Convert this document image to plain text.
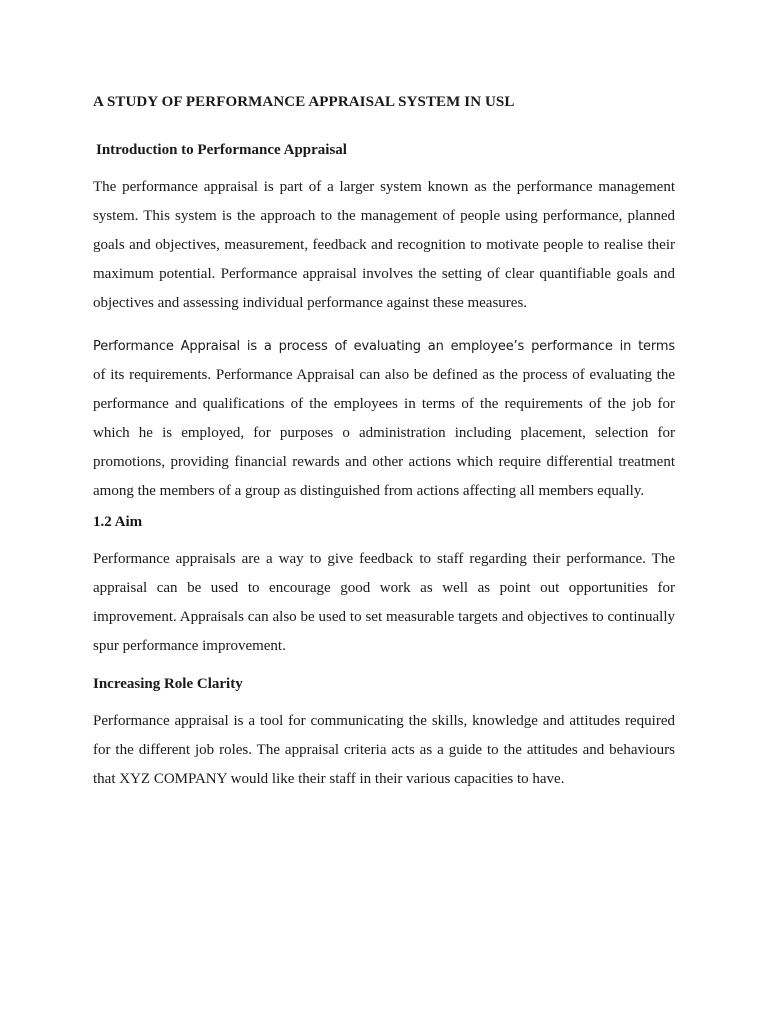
A STUDY OF PERFORMANCE APPRAISAL SYSTEM IN USL
Introduction to Performance Appraisal

The performance appraisal is part of a larger system known as the performance management system. This system is the approach to the management of people using performance, planned goals and objectives, measurement, feedback and recognition to motivate people to realise their maximum potential. Performance appraisal involves the setting of clear quantifiable goals and objectives and assessing individual performance against these measures.

Performance Appraisal is a process of evaluating an employee’s performance in terms
of its requirements. Performance Appraisal can also be defined as the process of evaluating the performance and qualifications of the employees in terms of the requirements of the job for which he is employed, for purposes o administration including placement, selection for promotions, providing financial rewards and other actions which require differential treatment among the members of a group as distinguished from actions affecting all members equally.

1.2 Aim

Performance appraisals are a way to give feedback to staff regarding their performance. The appraisal can be used to encourage good work as well as point out opportunities for improvement. Appraisals can also be used to set measurable targets and objectives to continually spur performance improvement.

Increasing Role Clarity

Performance appraisal is a tool for communicating the skills, knowledge and attitudes required for the different job roles. The appraisal criteria acts as a guide to the attitudes and behaviours that XYZ COMPANY would like their staff in their various capacities to have.
